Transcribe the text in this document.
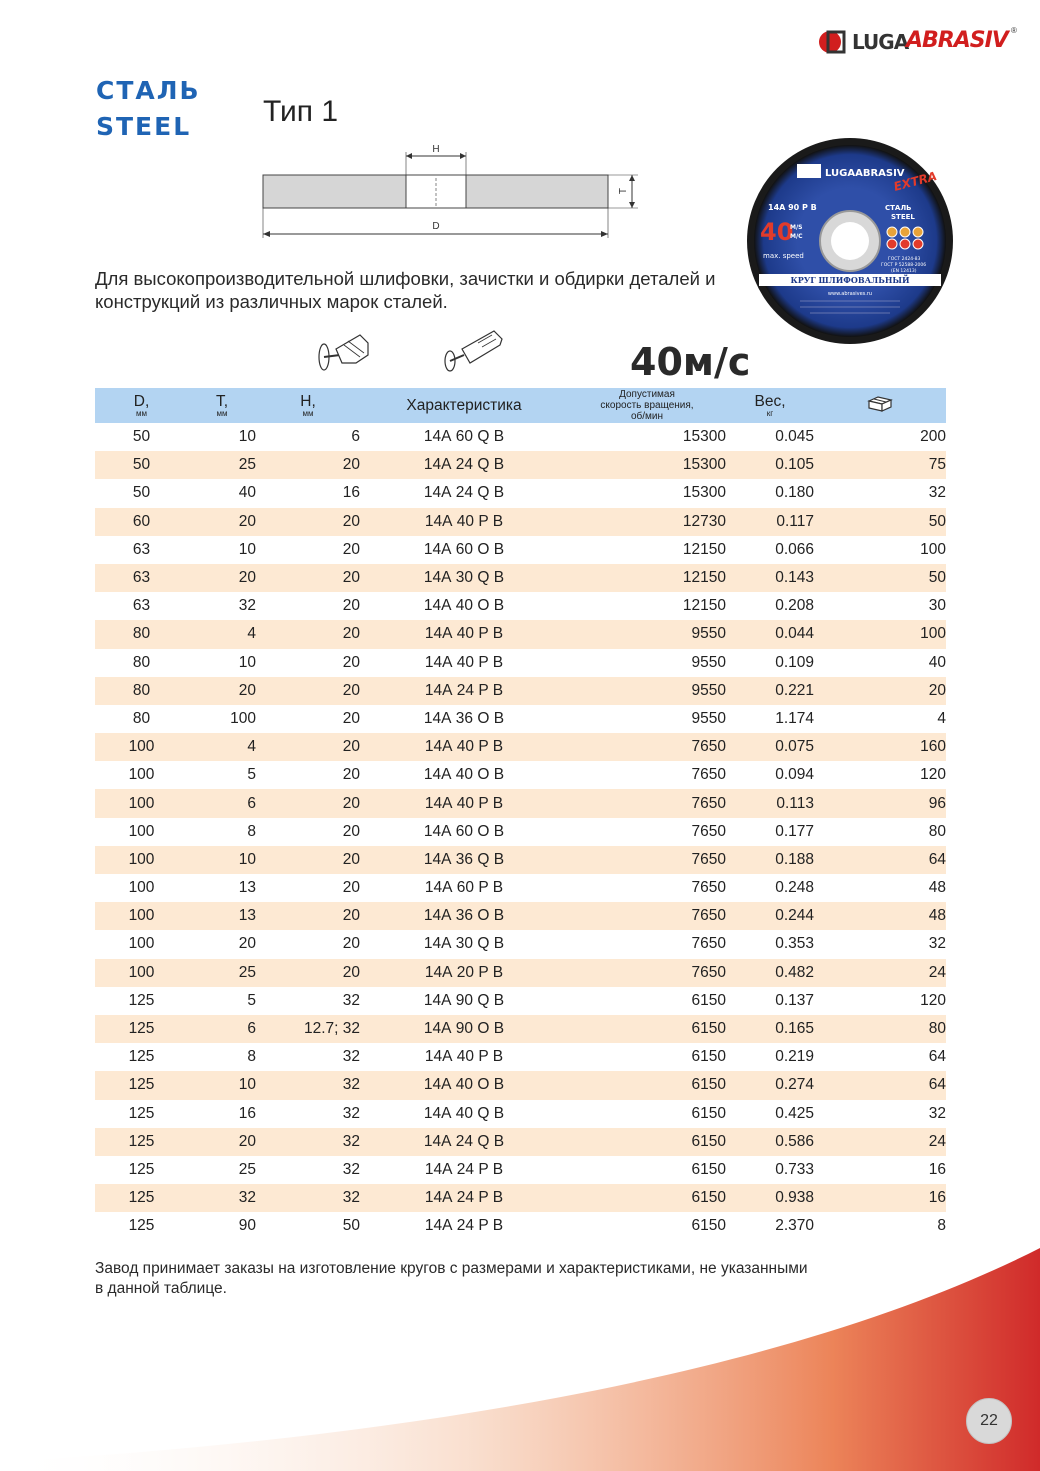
LUGA
ABRASIV ®
СТАЛЬ
STEEL Тип 1
H
T
D
LUGAABRASIV
EXTRA
14A 90 P B	СТАЛЬ
STEEL
40
M/S
M/C
max. speed	ГОСТ 2424-83
ГОСТ Р 52588-2006
(EN 12413)
КРУГ ШЛИФОВАЛЬНЫЙ
www.abrasives.ru
Для высокопроизводительной шлифовки, зачистки и обдирки деталей и конструкций из различных марок сталей.
40м/с
D,
мм	T,
мм	H,
мм	Характеристика	Допустимая
скорость вращения,
об/мин	Вес,
кг

50	10	6	14А 60 Q В	15300	0.045	200
50	25	20	14А 24 Q В	15300	0.105	75
50	40	16	14А 24 Q В	15300	0.180	32
60	20	20	14А 40 P В	12730	0.117	50
63	10	20	14А 60 O В	12150	0.066	100
63	20	20	14А 30 Q В	12150	0.143	50
63	32	20	14А 40 O В	12150	0.208	30
80	4	20	14А 40 P В	9550	0.044	100
80	10	20	14А 40 P В	9550	0.109	40
80	20	20	14А 24 P В	9550	0.221	20
80	100	20	14А 36 O В	9550	1.174	4
100	4	20	14А 40 P В	7650	0.075	160
100	5	20	14А 40 O В	7650	0.094	120
100	6	20	14А 40 P В	7650	0.113	96
100	8	20	14А 60 O В	7650	0.177	80
100	10	20	14А 36 Q В	7650	0.188	64
100	13	20	14А 60 P В	7650	0.248	48
100	13	20	14А 36 O В	7650	0.244	48
100	20	20	14А 30 Q В	7650	0.353	32
100	25	20	14А 20 P В	7650	0.482	24
125	5	32	14А 90 Q В	6150	0.137	120
125	6	12.7; 32	14А 90 O В	6150	0.165	80
125	8	32	14А 40 P В	6150	0.219	64
125	10	32	14А 40 O В	6150	0.274	64
125	16	32	14А 40 Q В	6150	0.425	32
125	20	32	14А 24 Q В	6150	0.586	24
125	25	32	14А 24 P В	6150	0.733	16
125	32	32	14А 24 P В	6150	0.938	16
125	90	50	14А 24 P В	6150	2.370	8
Завод принимает заказы на изготовление кругов с размерами и характеристиками, не указанными в данной таблице.
22
